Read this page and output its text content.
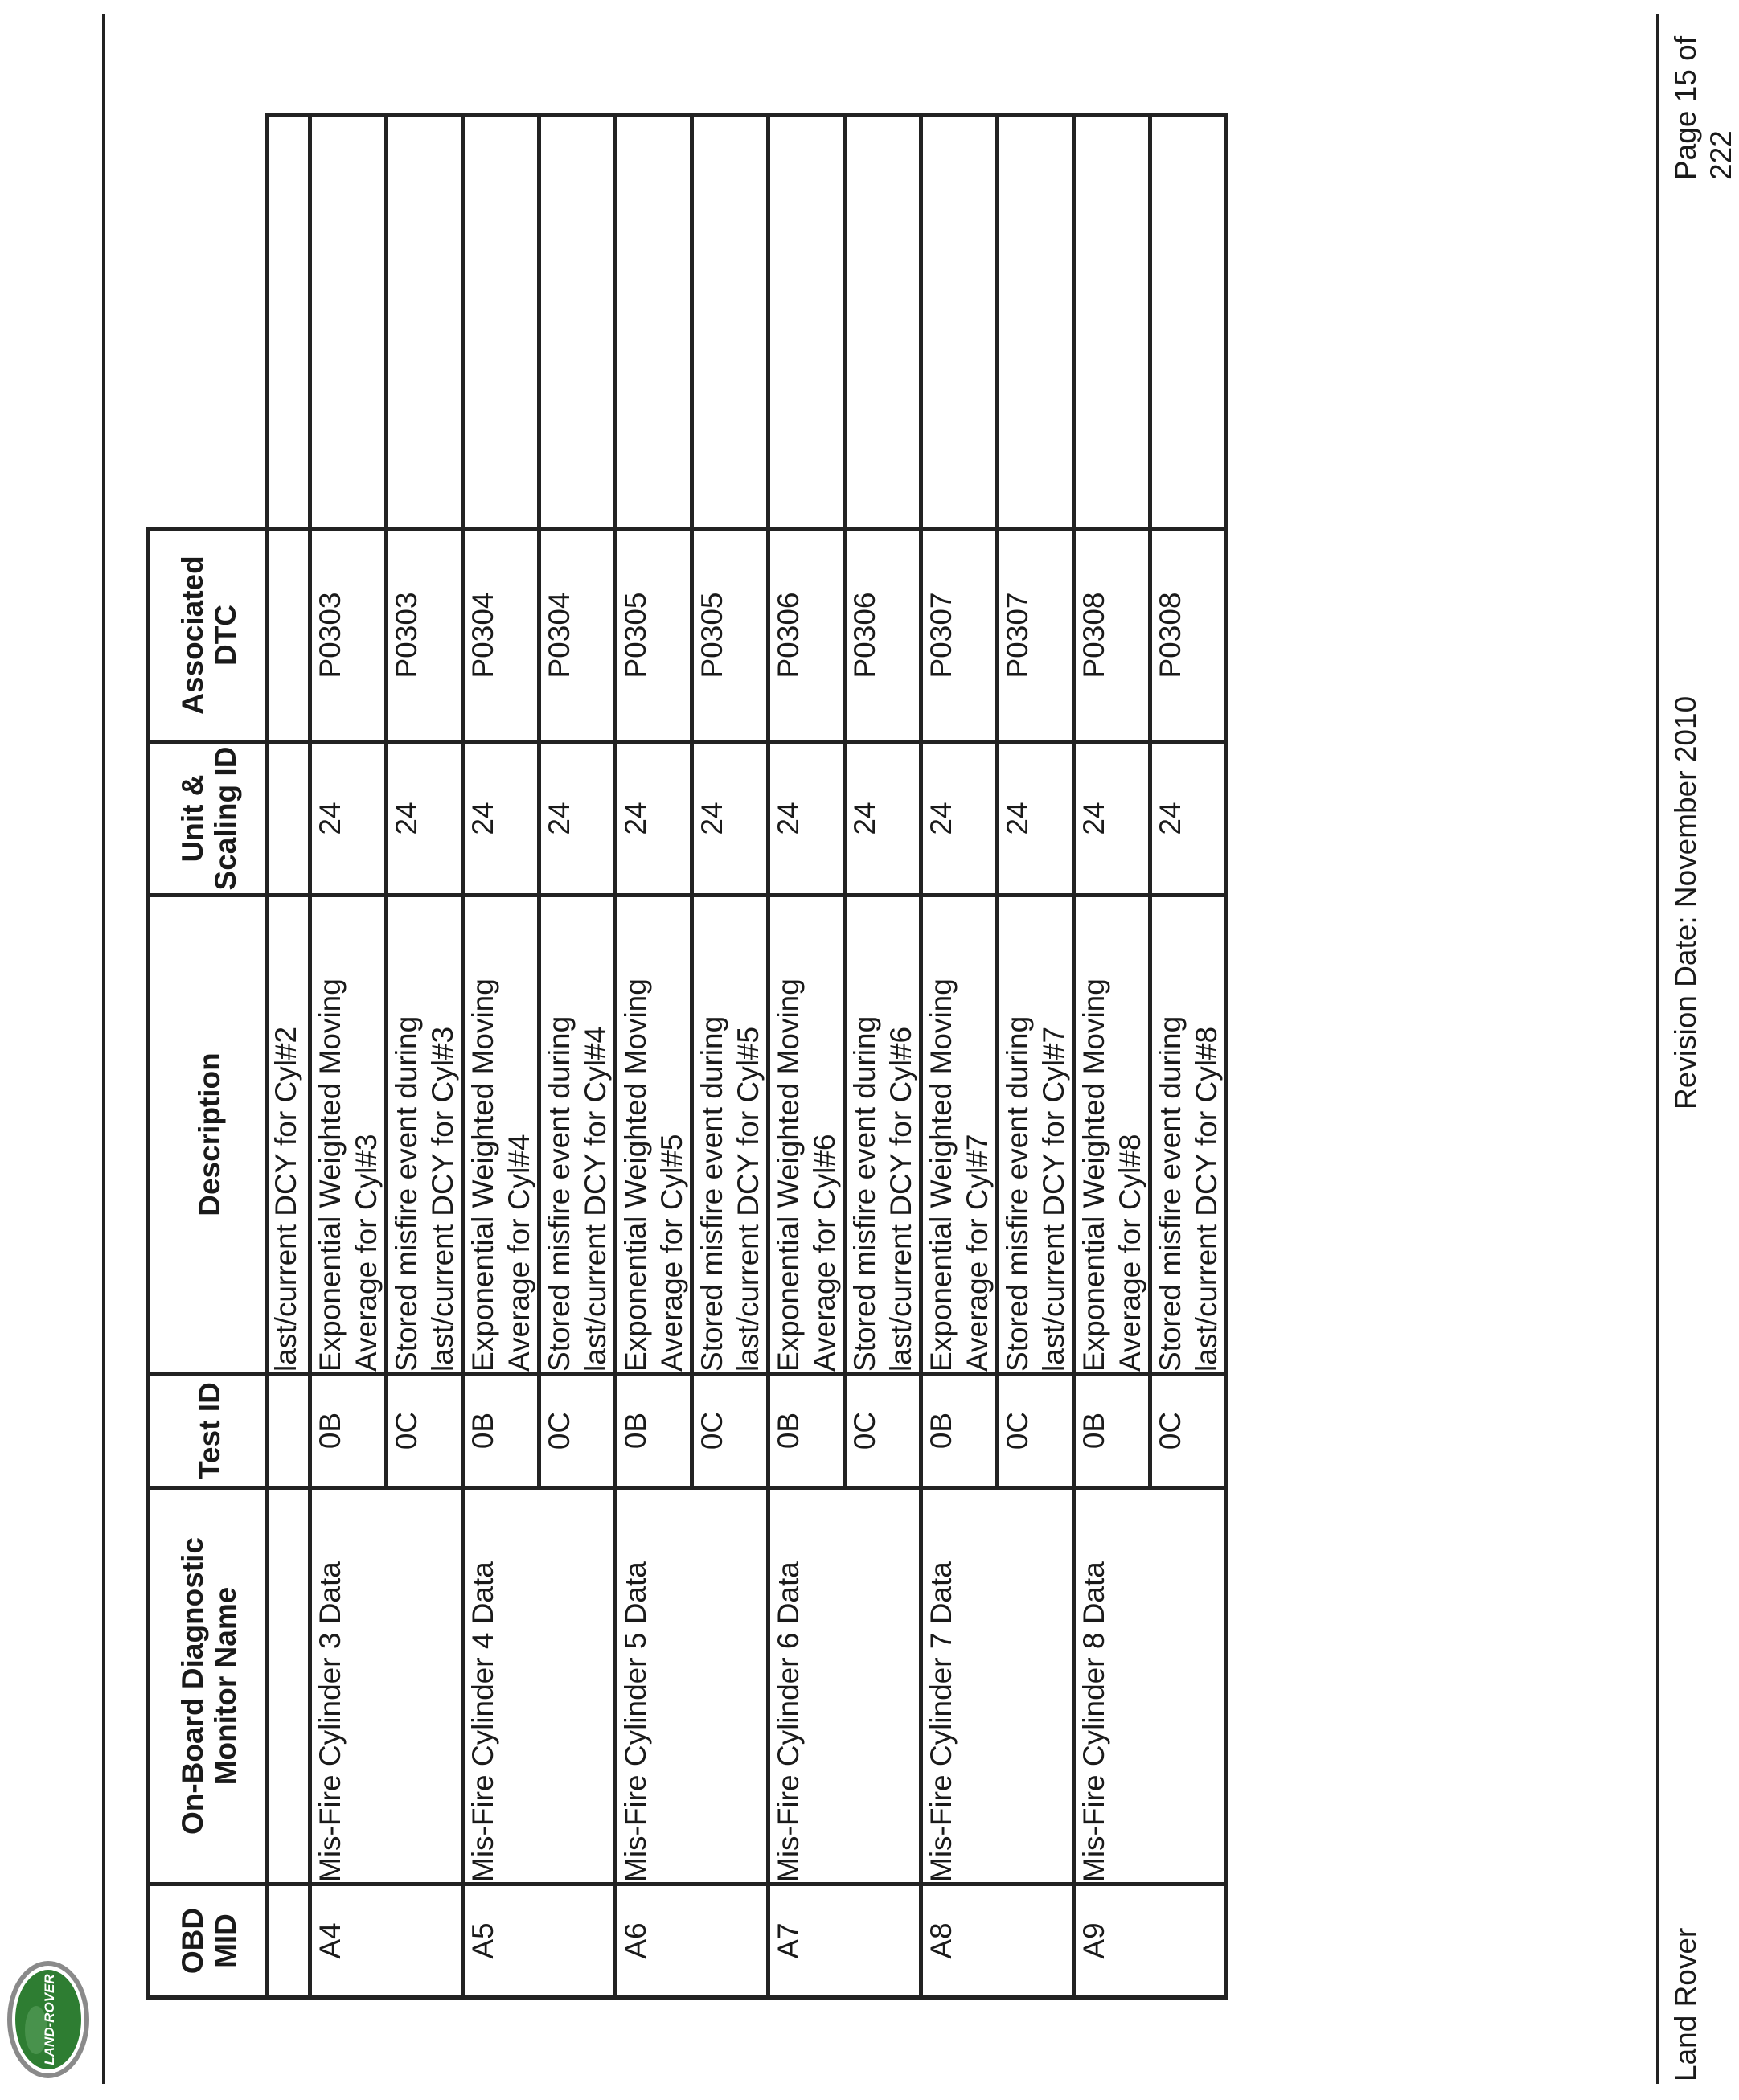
LAND-ROVER
OBD MID	On-Board Diagnostic Monitor Name	Test ID	Description	Unit & Scaling ID	Associated DTC	
			last/current DCY for Cyl#2			
A4	Mis-Fire Cylinder 3 Data	0B	Exponential Weighted Moving Average for Cyl#3	24	P0303	
		0C	Stored misfire event during last/current DCY for Cyl#3	24	P0303	
A5	Mis-Fire Cylinder 4 Data	0B	Exponential Weighted Moving Average for Cyl#4	24	P0304	
		0C	Stored misfire event during last/current DCY for Cyl#4	24	P0304	
A6	Mis-Fire Cylinder 5 Data	0B	Exponential Weighted Moving Average for Cyl#5	24	P0305	
		0C	Stored misfire event during last/current DCY for Cyl#5	24	P0305	
A7	Mis-Fire Cylinder 6 Data	0B	Exponential Weighted Moving Average for Cyl#6	24	P0306	
		0C	Stored misfire event during last/current DCY for Cyl#6	24	P0306	
A8	Mis-Fire Cylinder 7 Data	0B	Exponential Weighted Moving Average for Cyl#7	24	P0307	
		0C	Stored misfire event during last/current DCY for Cyl#7	24	P0307	
A9	Mis-Fire Cylinder 8 Data	0B	Exponential Weighted Moving Average for Cyl#8	24	P0308	
		0C	Stored misfire event during last/current DCY for Cyl#8	24	P0308	
Land Rover
Revision Date: November 2010
Page 15 of 222
